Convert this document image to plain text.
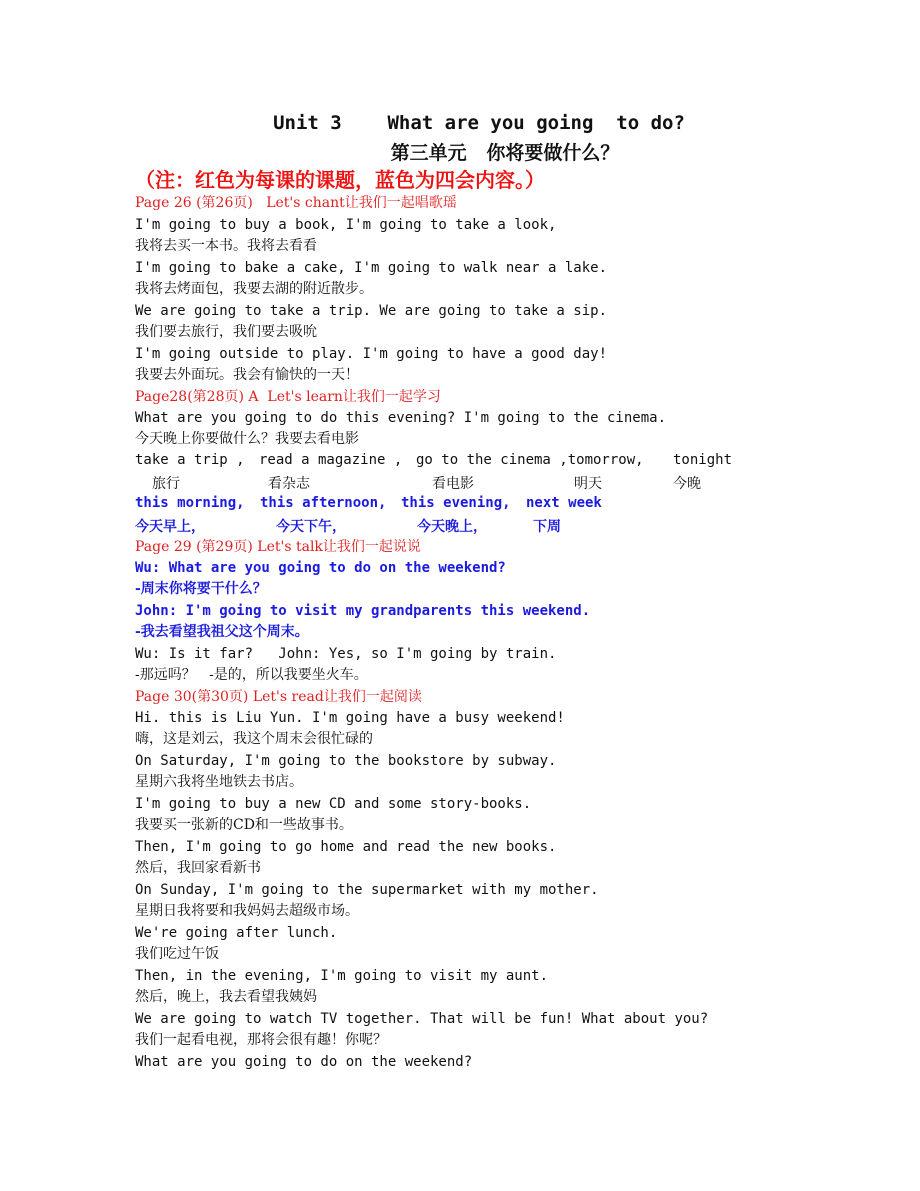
Unit 3    What are you going  to do?
第三单元   你将要做什么？
（注：红色为每课的课题，蓝色为四会内容。）
Page 26 (第26页)   Let's chant让我们一起唱歌瑶
I'm going to buy a book, I'm going to take a look,
我将去买一本书。我将去看看
I'm going to bake a cake, I'm going to walk near a lake.
我将去烤面包，我要去湖的附近散步。
We are going to take a trip. We are going to take a sip.
我们要去旅行，我们要去吸吮
I'm going outside to play. I'm going to have a good day!
我要去外面玩。我会有愉快的一天！
Page28(第28页) A  Let's learn让我们一起学习
What are you going to do this evening? I'm going to the cinema.
今天晚上你要做什么？我要去看电影
take a trip , read a magazine , go to the cinema ,tomorrow, tonight
旅行	看杂志	看电影	明天	今晚
this morning, this afternoon, this evening, next week
今天早上，	今天下午，	今天晚上，	下周
Page 29 (第29页) Let's talk让我们一起说说
Wu: What are you going to do on the weekend?
-周末你将要干什么？
John: I'm going to visit my grandparents this weekend.
-我去看望我祖父这个周末。
Wu: Is it far?   John: Yes, so I'm going by train.
-那远吗？   -是的，所以我要坐火车。
Page 30(第30页) Let's read让我们一起阅读
Hi. this is Liu Yun. I'm going have a busy weekend!
嗨，这是刘云，我这个周末会很忙碌的
On Saturday, I'm going to the bookstore by subway.
星期六我将坐地铁去书店。
I'm going to buy a new CD and some story-books.
我要买一张新的CD和一些故事书。
Then, I'm going to go home and read the new books.
然后，我回家看新书
On Sunday, I'm going to the supermarket with my mother.
星期日我将要和我妈妈去超级市场。
We're going after lunch.
我们吃过午饭
Then, in the evening, I'm going to visit my aunt.
然后，晚上，我去看望我姨妈
We are going to watch TV together. That will be fun! What about you?
我们一起看电视，那将会很有趣！你呢？
What are you going to do on the weekend?
